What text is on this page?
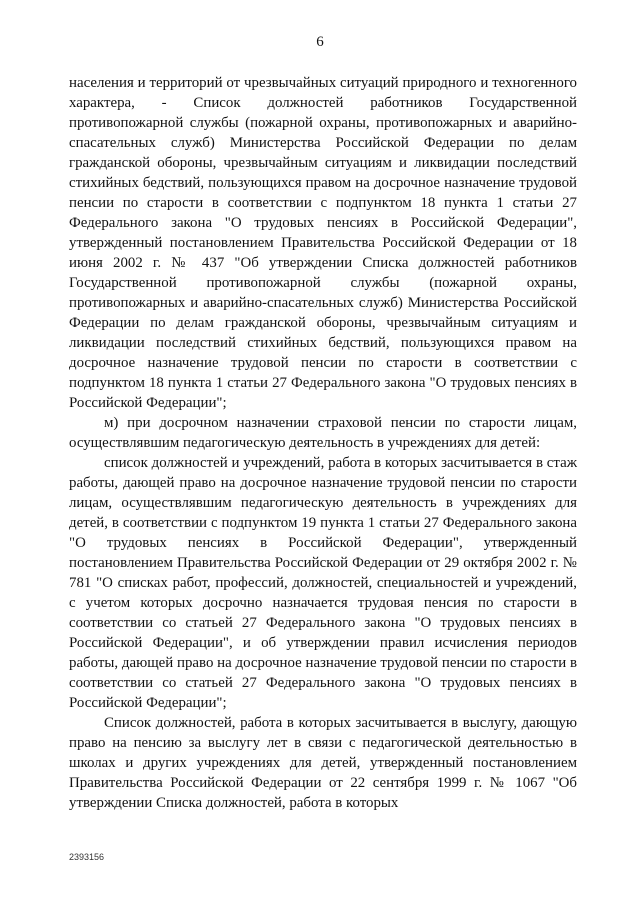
6

населения и территорий от чрезвычайных ситуаций природного и техногенного характера, - Список должностей работников Государственной противопожарной службы (пожарной охраны, противопожарных и аварийно-спасательных служб) Министерства Российской Федерации по делам гражданской обороны, чрезвычайным ситуациям и ликвидации последствий стихийных бедствий, пользующихся правом на досрочное назначение трудовой пенсии по старости в соответствии с подпунктом 18 пункта 1 статьи 27 Федерального закона "О трудовых пенсиях в Российской Федерации", утвержденный постановлением Правительства Российской Федерации от 18 июня 2002 г. № 437 "Об утверждении Списка должностей работников Государственной противопожарной службы (пожарной охраны, противопожарных и аварийно-спасательных служб) Министерства Российской Федерации по делам гражданской обороны, чрезвычайным ситуациям и ликвидации последствий стихийных бедствий, пользующихся правом на досрочное назначение трудовой пенсии по старости в соответствии с подпунктом 18 пункта 1 статьи 27 Федерального закона "О трудовых пенсиях в Российской Федерации";

м) при досрочном назначении страховой пенсии по старости лицам, осуществлявшим педагогическую деятельность в учреждениях для детей:

список должностей и учреждений, работа в которых засчитывается в стаж работы, дающей право на досрочное назначение трудовой пенсии по старости лицам, осуществлявшим педагогическую деятельность в учреждениях для детей, в соответствии с подпунктом 19 пункта 1 статьи 27 Федерального закона "О трудовых пенсиях в Российской Федерации", утвержденный постановлением Правительства Российской Федерации от 29 октября 2002 г. № 781 "О списках работ, профессий, должностей, специальностей и учреждений, с учетом которых досрочно назначается трудовая пенсия по старости в соответствии со статьей 27 Федерального закона "О трудовых пенсиях в Российской Федерации", и об утверждении правил исчисления периодов работы, дающей право на досрочное назначение трудовой пенсии по старости в соответствии со статьей 27 Федерального закона "О трудовых пенсиях в Российской Федерации";

Список должностей, работа в которых засчитывается в выслугу, дающую право на пенсию за выслугу лет в связи с педагогической деятельностью в школах и других учреждениях для детей, утвержденный постановлением Правительства Российской Федерации от 22 сентября 1999 г. № 1067 "Об утверждении Списка должностей, работа в которых

2393156
